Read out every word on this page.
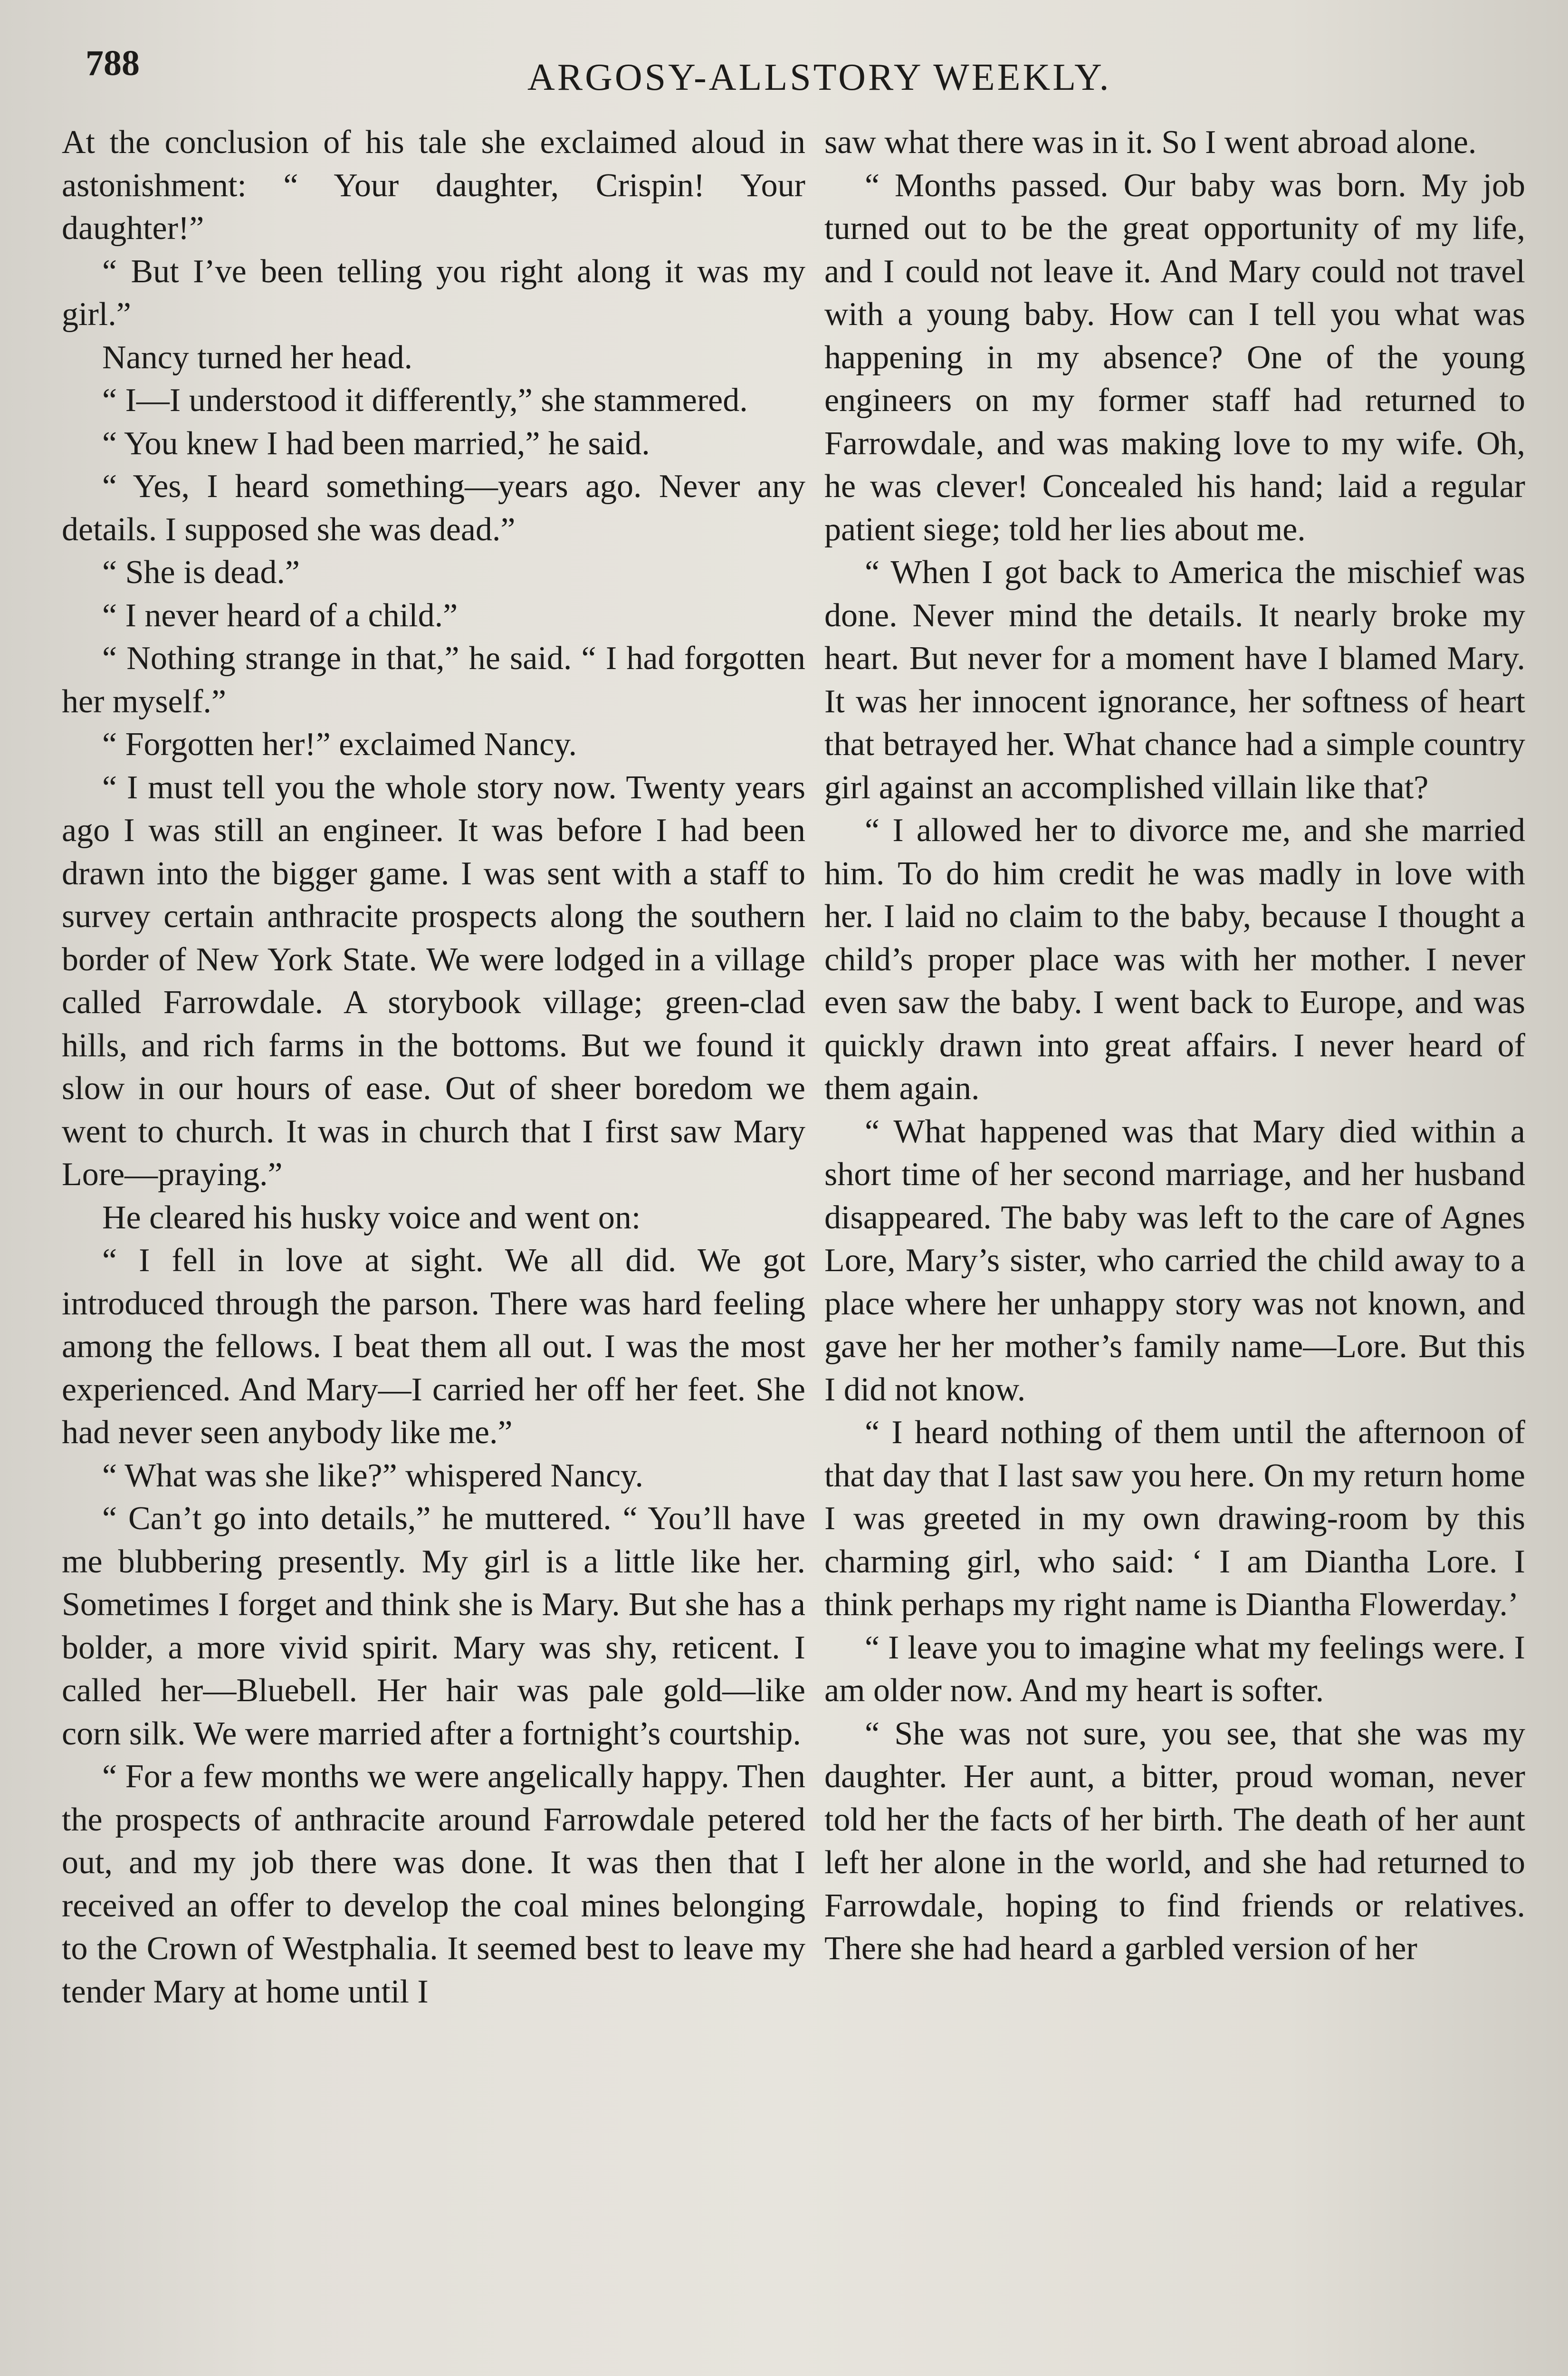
788	ARGOSY-ALLSTORY WEEKLY.

At the conclusion of his tale she exclaimed aloud in astonishment: “ Your daughter, Crispin! Your daughter!”

“ But I’ve been telling you right along it was my girl.”

Nancy turned her head.

“ I—I understood it differently,” she stammered.

“ You knew I had been married,” he said.

“ Yes, I heard something—years ago. Never any details. I supposed she was dead.”

“ She is dead.”

“ I never heard of a child.”

“ Nothing strange in that,” he said. “ I had forgotten her myself.”

“ Forgotten her!” exclaimed Nancy.

“ I must tell you the whole story now. Twenty years ago I was still an engineer. It was before I had been drawn into the bigger game. I was sent with a staff to survey certain anthracite prospects along the southern border of New York State. We were lodged in a village called Farrowdale. A storybook village; green-clad hills, and rich farms in the bottoms. But we found it slow in our hours of ease. Out of sheer boredom we went to church. It was in church that I first saw Mary Lore—praying.”

He cleared his husky voice and went on:

“ I fell in love at sight. We all did. We got introduced through the parson. There was hard feeling among the fellows. I beat them all out. I was the most experienced. And Mary—I carried her off her feet. She had never seen anybody like me.”

“ What was she like?” whispered Nancy.

“ Can’t go into details,” he muttered. “ You’ll have me blubbering presently. My girl is a little like her. Sometimes I forget and think she is Mary. But she has a bolder, a more vivid spirit. Mary was shy, reticent. I called her—Bluebell. Her hair was pale gold—like corn silk. We were married after a fortnight’s courtship.

“ For a few months we were angelically happy. Then the prospects of anthracite around Farrowdale petered out, and my job there was done. It was then that I received an offer to develop the coal mines belonging to the Crown of Westphalia. It seemed best to leave my tender Mary at home until I

saw what there was in it. So I went abroad alone.

“ Months passed. Our baby was born. My job turned out to be the great opportunity of my life, and I could not leave it. And Mary could not travel with a young baby. How can I tell you what was happening in my absence? One of the young engineers on my former staff had returned to Farrowdale, and was making love to my wife. Oh, he was clever! Concealed his hand; laid a regular patient siege; told her lies about me.

“ When I got back to America the mischief was done. Never mind the details. It nearly broke my heart. But never for a moment have I blamed Mary. It was her innocent ignorance, her softness of heart that betrayed her. What chance had a simple country girl against an accomplished villain like that?

“ I allowed her to divorce me, and she married him. To do him credit he was madly in love with her. I laid no claim to the baby, because I thought a child’s proper place was with her mother. I never even saw the baby. I went back to Europe, and was quickly drawn into great affairs. I never heard of them again.

“ What happened was that Mary died within a short time of her second marriage, and her husband disappeared. The baby was left to the care of Agnes Lore, Mary’s sister, who carried the child away to a place where her unhappy story was not known, and gave her her mother’s family name—Lore. But this I did not know.

“ I heard nothing of them until the afternoon of that day that I last saw you here. On my return home I was greeted in my own drawing-room by this charming girl, who said: ‘ I am Diantha Lore. I think perhaps my right name is Diantha Flowerday.’

“ I leave you to imagine what my feelings were. I am older now. And my heart is softer.

“ She was not sure, you see, that she was my daughter. Her aunt, a bitter, proud woman, never told her the facts of her birth. The death of her aunt left her alone in the world, and she had returned to Farrowdale, hoping to find friends or relatives. There she had heard a garbled version of her
